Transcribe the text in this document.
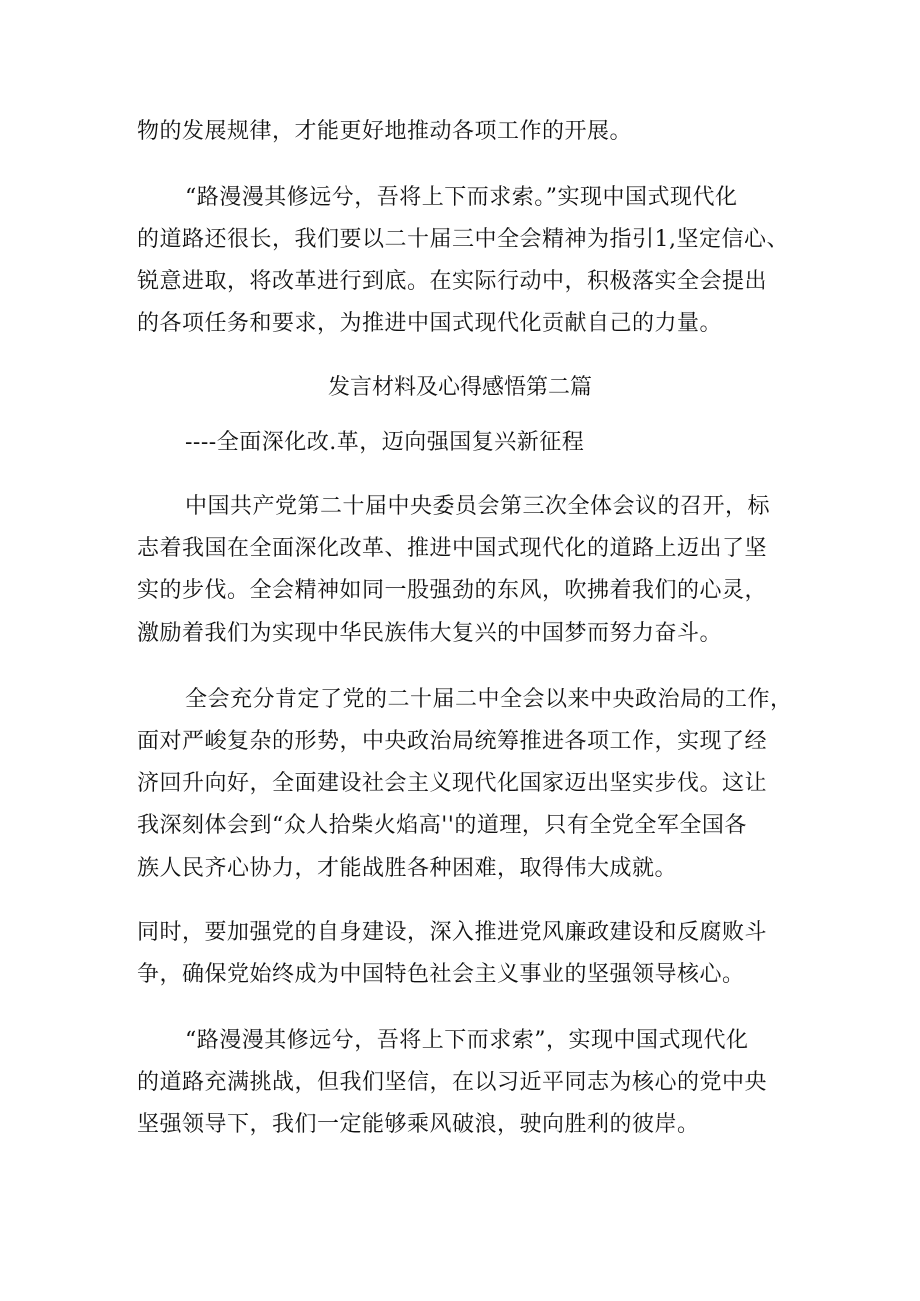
物的发展规律，才能更好地推动各项工作的开展。
“路漫漫其修远兮，吾将上下而求索。”实现中国式现代化
的道路还很长，我们要以二十届三中全会精神为指引1,坚定信心、
锐意进取，将改革进行到底。在实际行动中，积极落实全会提出
的各项任务和要求，为推进中国式现代化贡献自己的力量。
发言材料及心得感悟第二篇
----全面深化改.革，迈向强国复兴新征程
中国共产党第二十届中央委员会第三次全体会议的召开，标
志着我国在全面深化改革、推进中国式现代化的道路上迈出了坚
实的步伐。全会精神如同一股强劲的东风，吹拂着我们的心灵，
激励着我们为实现中华民族伟大复兴的中国梦而努力奋斗。
全会充分肯定了党的二十届二中全会以来中央政治局的工作，
面对严峻复杂的形势，中央政治局统筹推进各项工作，实现了经
济回升向好，全面建设社会主义现代化国家迈出坚实步伐。这让
我深刻体会到“众人拾柴火焰高''的道理，只有全党全军全国各
族人民齐心协力，才能战胜各种困难，取得伟大成就。
同时，要加强党的自身建设，深入推进党风廉政建设和反腐败斗
争，确保党始终成为中国特色社会主义事业的坚强领导核心。
“路漫漫其修远兮，吾将上下而求索”，实现中国式现代化
的道路充满挑战，但我们坚信，在以习近平同志为核心的党中央
坚强领导下，我们一定能够乘风破浪，驶向胜利的彼岸。
